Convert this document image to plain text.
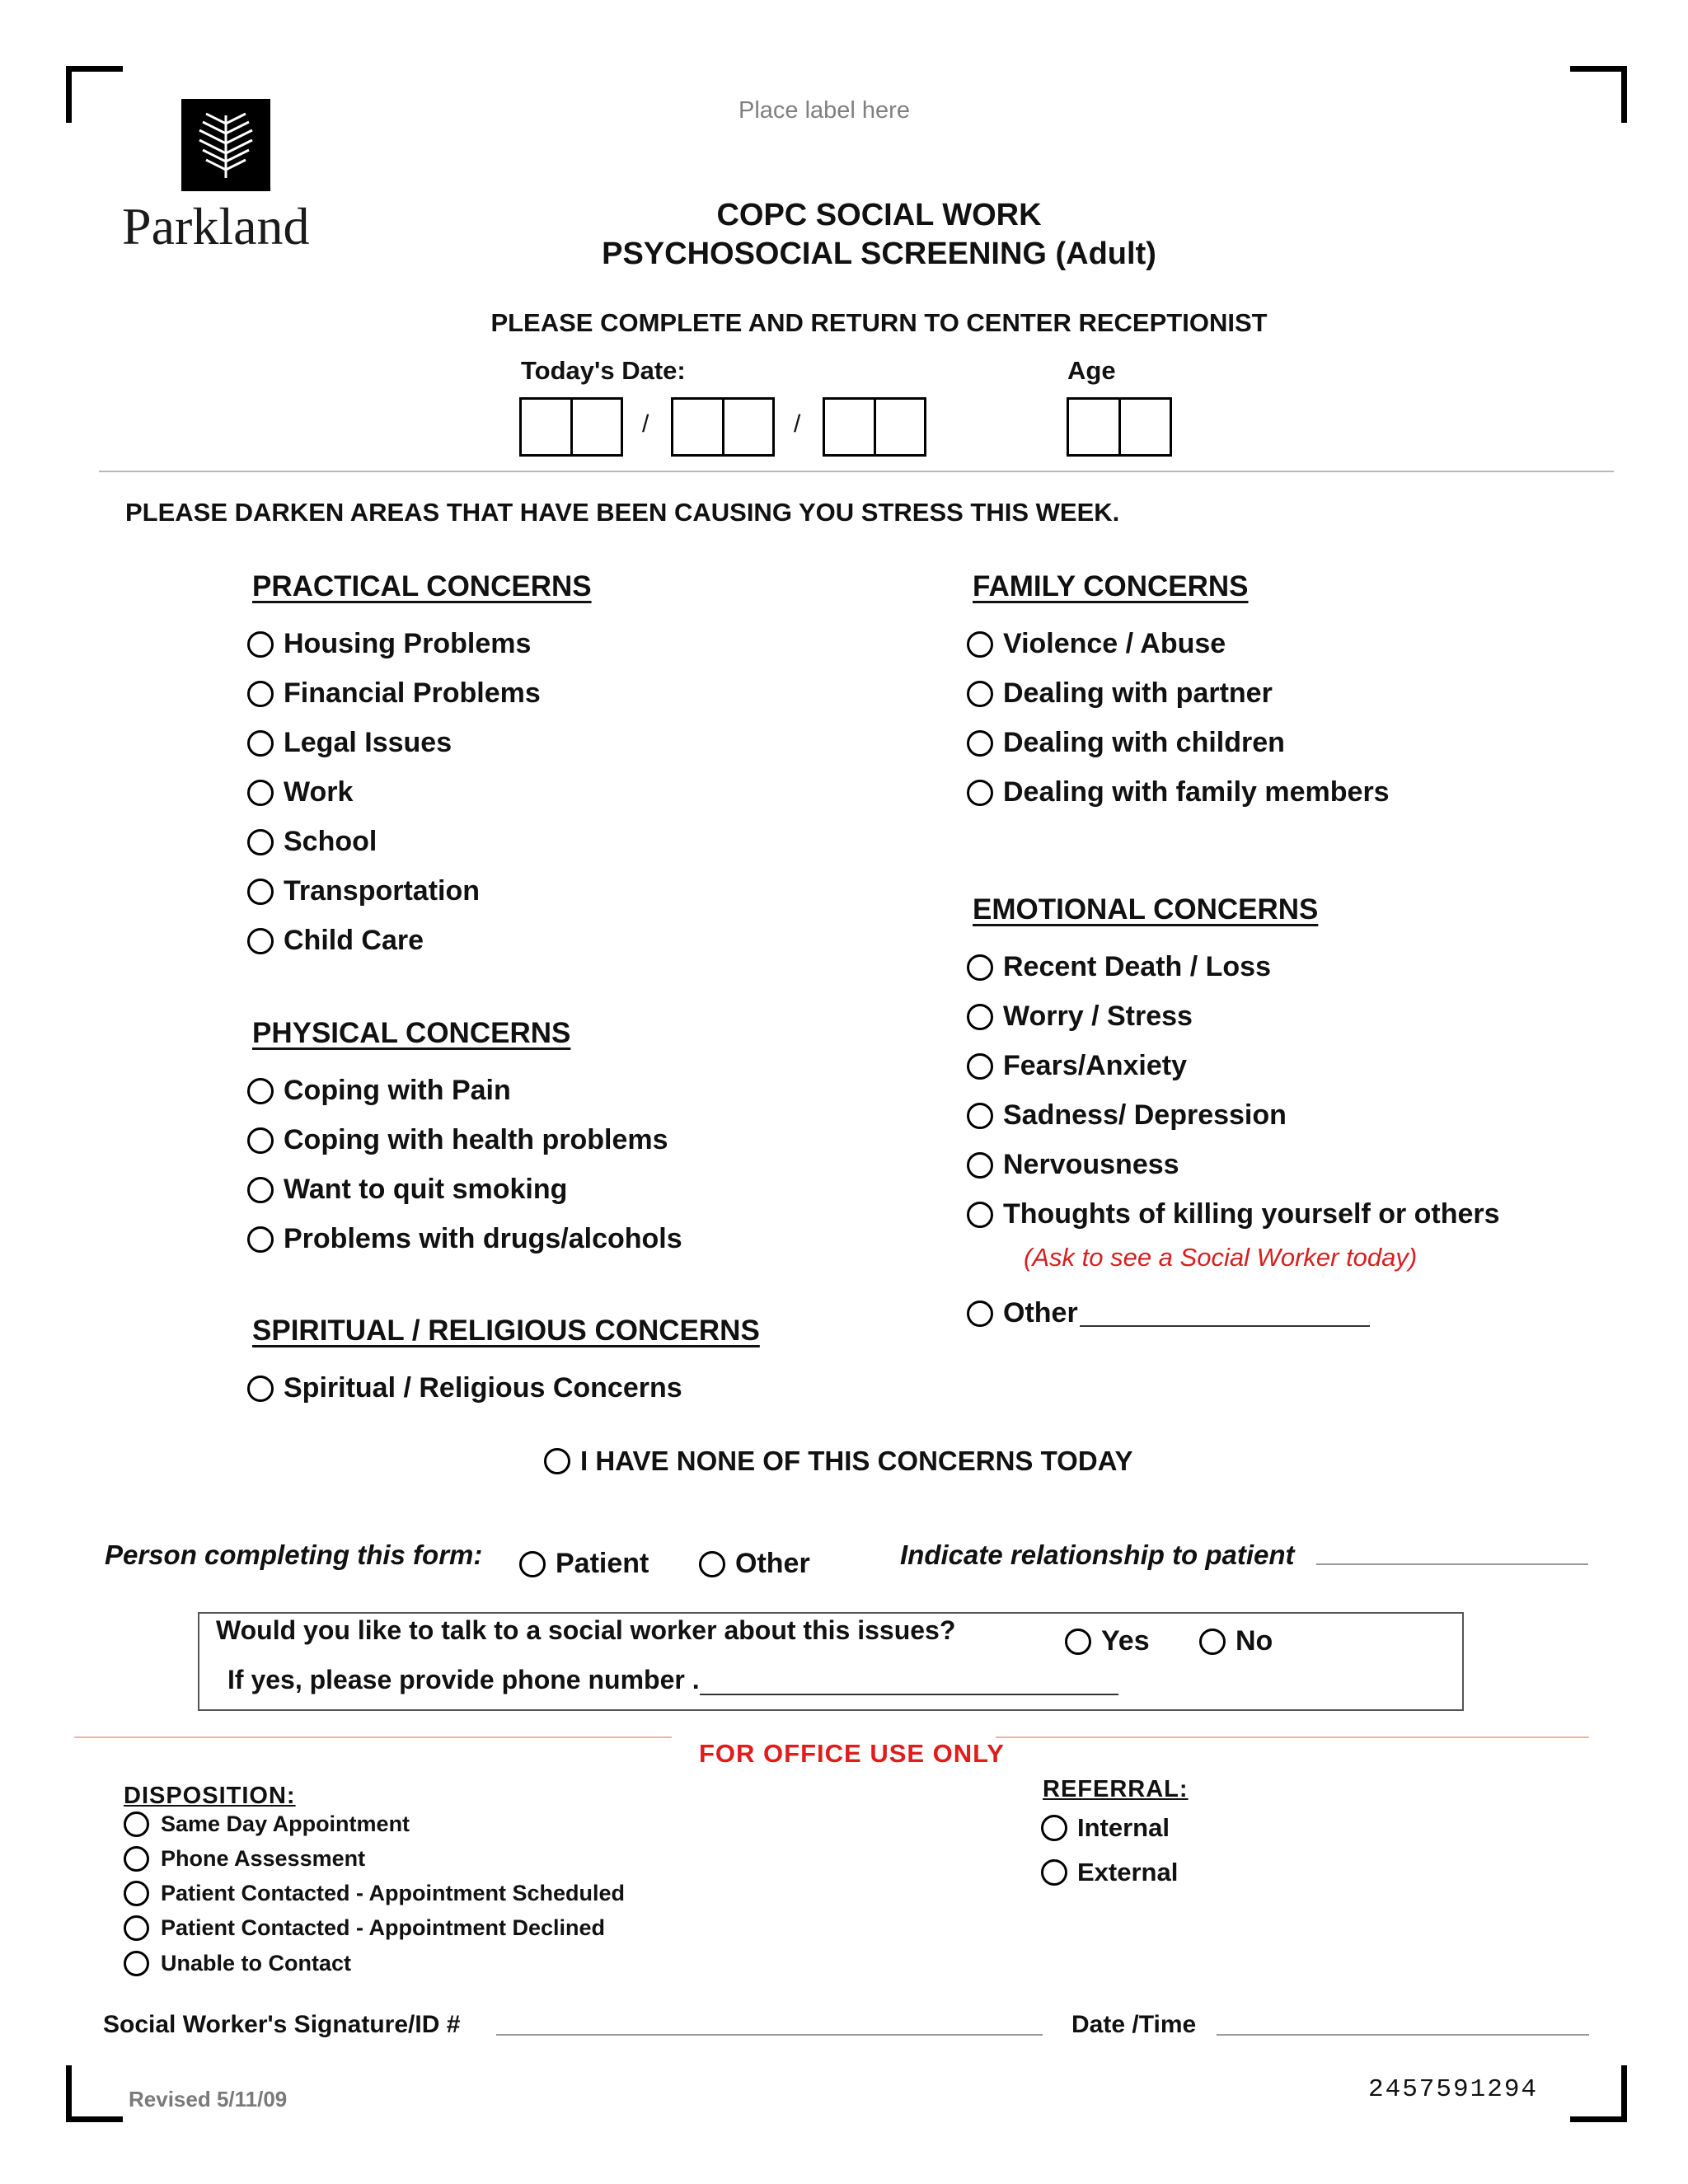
Place label here
Parkland	COPC SOCIAL WORK
PSYCHOSOCIAL SCREENING (Adult)
PLEASE COMPLETE AND RETURN TO CENTER RECEPTIONIST
Today's Date:	Age
/	/
PLEASE DARKEN AREAS THAT HAVE BEEN CAUSING YOU STRESS THIS WEEK.
PRACTICAL CONCERNS
Housing Problems
Financial Problems
Legal Issues
Work
School
Transportation
Child Care
PHYSICAL CONCERNS
Coping with Pain
Coping with health problems
Want to quit smoking
Problems with drugs/alcohols
SPIRITUAL / RELIGIOUS CONCERNS
Spiritual / Religious Concerns
FAMILY CONCERNS
Violence / Abuse
Dealing with partner
Dealing with children
Dealing with family members
EMOTIONAL CONCERNS
Recent Death / Loss
Worry / Stress
Fears/Anxiety
Sadness/ Depression
Nervousness
Thoughts of killing yourself or others
(Ask to see a Social Worker today)
Other
I HAVE NONE OF THIS CONCERNS TODAY
Person completing this form:	Patient	Other	Indicate relationship to patient
Would you like to talk to a social worker about this issues?	Yes	No
If yes, please provide phone number .
FOR OFFICE USE ONLY
DISPOSITION:
Same Day Appointment
Phone Assessment
Patient Contacted - Appointment Scheduled
Patient Contacted - Appointment Declined
Unable to Contact
REFERRAL:
Internal
External
Social Worker's Signature/ID #	Date /Time
Revised 5/11/09	2457591294
